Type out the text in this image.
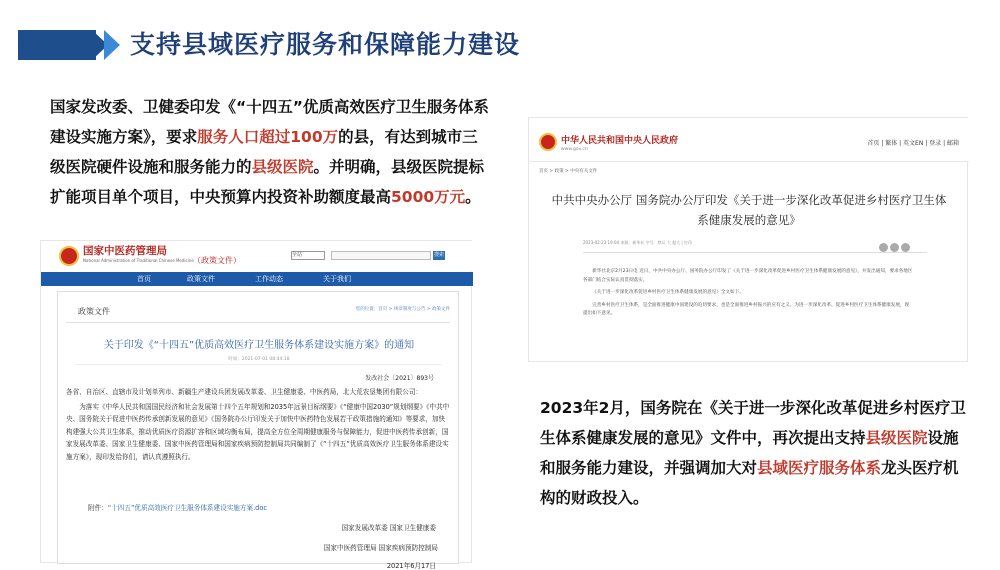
支持县域医疗服务和保障能力建设
国家发改委、卫健委印发《“十四五”优质高效医疗卫生服务体系建设实施方案》，要求服务人口超过100万的县，有达到城市三级医院硬件设施和服务能力的县级医院。并明确，县级医院提标扩能项目单个项目，中央预算内投资补助额度最高5000万元。
国家中医药管理局
National Administration of Traditional Chinese Medicine （政策文件）
全站	搜索
首页	政策文件	工作动态	关于我们
政策文件	您的位置：首页 > 规章制度与公告 > 政策文件
关于印发《“十四五”优质高效医疗卫生服务体系建设实施方案》的通知
时间：2021-07-01 08:44:18
发改社会〔2021〕893号

各省、自治区、直辖市及计划单列市、新疆生产建设兵团发展改革委、卫生健康委、中医药局，北大荒农垦集团有限公司：

为落实《中华人民共和国国民经济和社会发展第十四个五年规划和2035年远景目标纲要》《“健康中国2030”规划纲要》《中共中央、国务院关于促进中医药传承创新发展的意见》《国务院办公厅印发关于加快中医药特色发展若干政策措施的通知》等要求，加快构建强大公共卫生体系，推动优质医疗资源扩容和区域均衡布局，提高全方位全周期健康服务与保障能力，促进中医药传承创新，国家发展改革委、国家卫生健康委、国家中医药管理局和国家疾病预防控制局共同编制了《“十四五”优质高效医疗卫生服务体系建设实施方案》，现印发给你们，请认真遵照执行。

附件：“十四五”优质高效医疗卫生服务体系建设实施方案.doc
国家发展改革委 国家卫生健康委
国家中医药管理局 国家疾病预防控制局
2021年6月17日
中华人民共和国中央人民政府
www.gov.cn
首页 | 繁体 | 英文EN | 登录 | 邮箱
首页 > 政策 > 中央有关文件
中共中央办公厅 国务院办公厅印发《关于进一步深化改革促进乡村医疗卫生体系健康发展的意见》
2023-02-23 19:04 来源：新华社 字号：默认 大 超大 | 打印

新华社北京2月23日电 近日，中共中央办公厅、国务院办公厅印发了《关于进一步深化改革促进乡村医疗卫生体系健康发展的意见》，并发出通知，要求各地区各部门结合实际认真贯彻落实。

《关于进一步深化改革促进乡村医疗卫生体系健康发展的意见》全文如下。

完善乡村医疗卫生体系，是全面推进健康中国建设的迫切要求，也是全面推进乡村振兴的应有之义。为进一步深化改革，促进乡村医疗卫生体系健康发展，现提出如下意见。

2023年2月，国务院在《关于进一步深化改革促进乡村医疗卫生体系健康发展的意见》文件中，再次提出支持县级医院设施和服务能力建设，并强调加大对县域医疗服务体系龙头医疗机构的财政投入。
